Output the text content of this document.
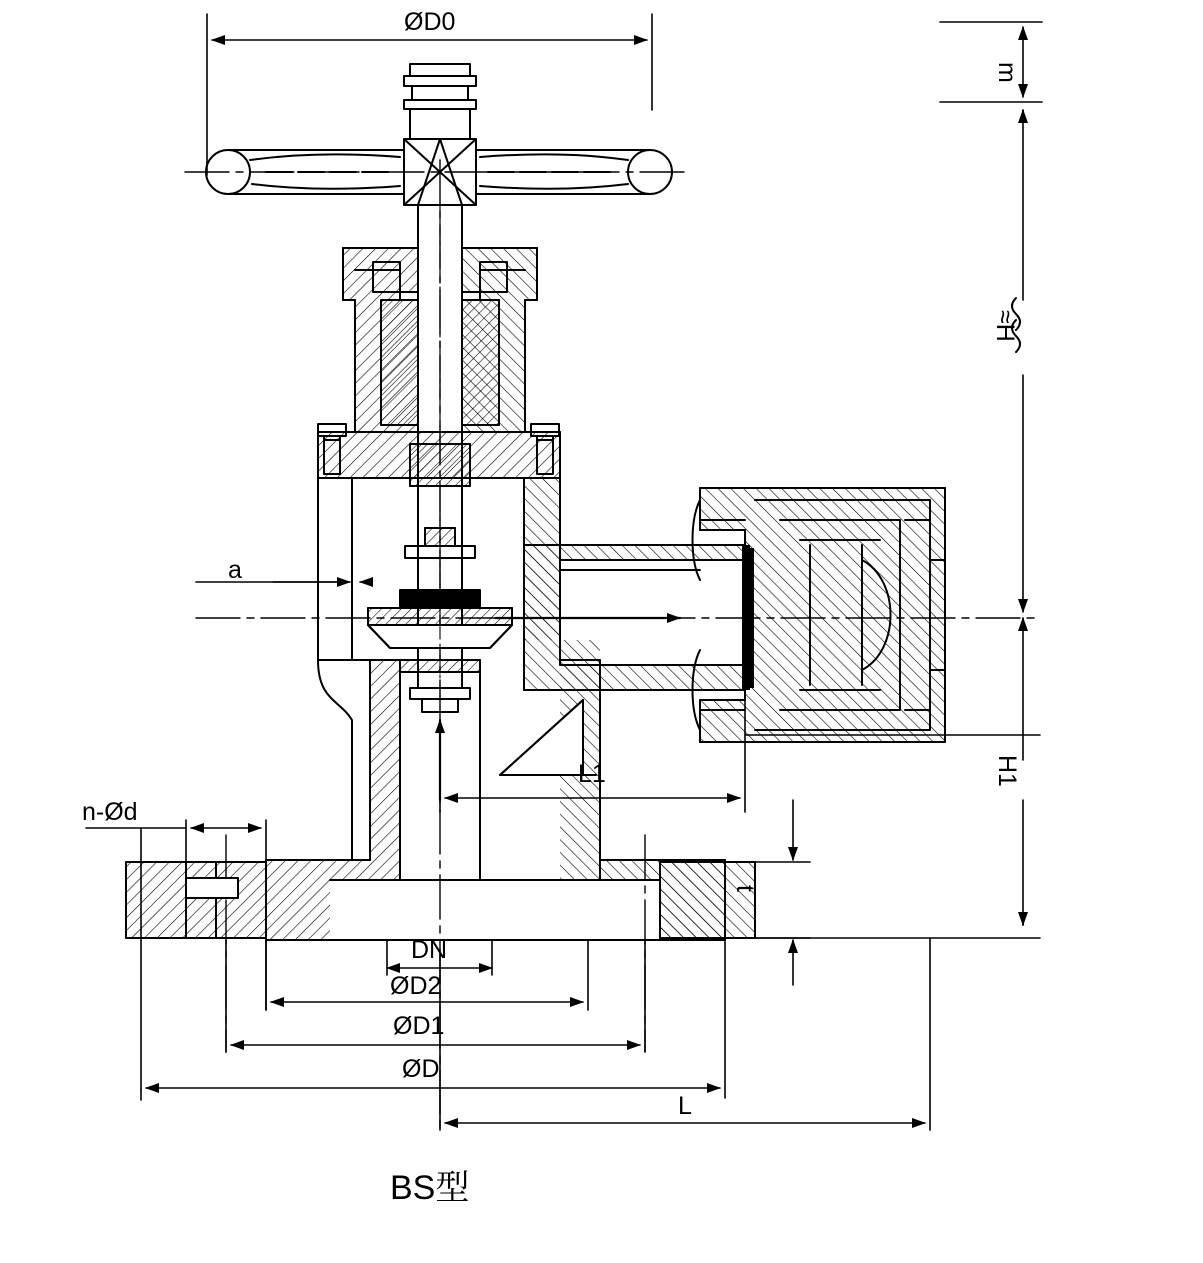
ØD0
m
≈H
H1
a
L1
n-Ød
t
DN
ØD2
ØD1
ØD
L
BS型
